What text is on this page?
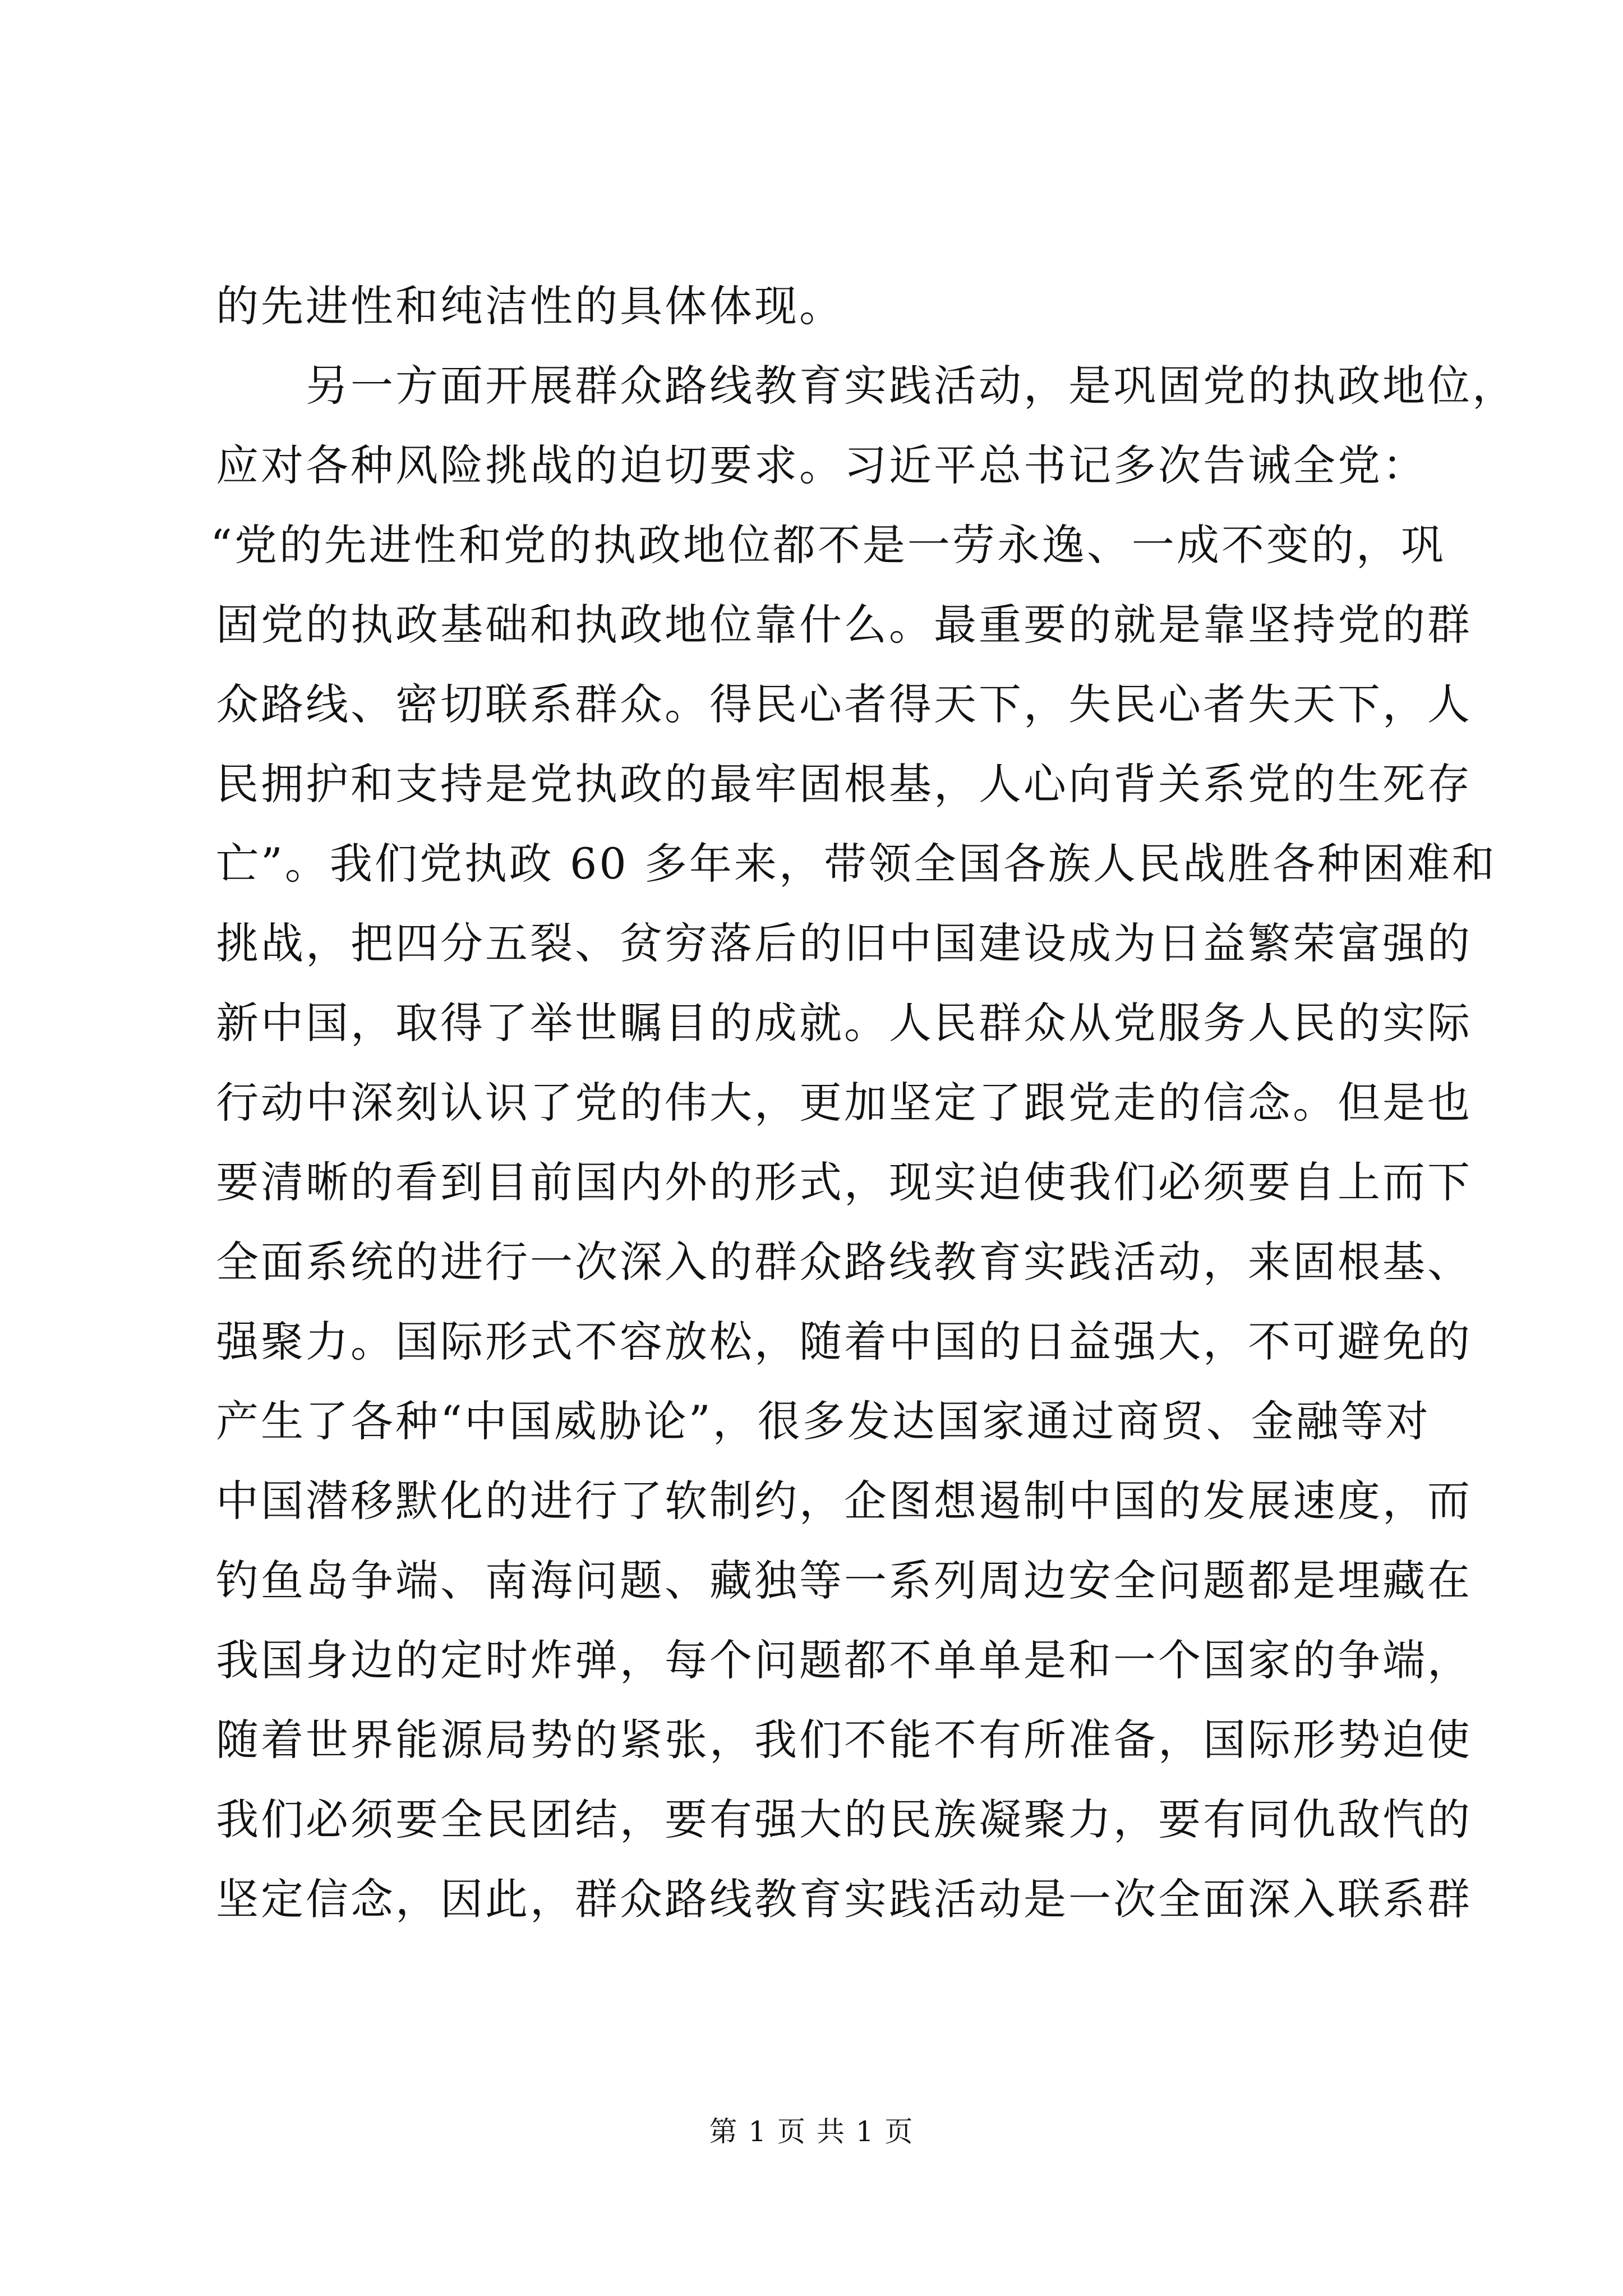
的先进性和纯洁性的具体体现。
另一方面开展群众路线教育实践活动，是巩固党的执政地位，
应对各种风险挑战的迫切要求。习近平总书记多次告诫全党：
“党的先进性和党的执政地位都不是一劳永逸、一成不变的，巩
固党的执政基础和执政地位靠什么。最重要的就是靠坚持党的群
众路线、密切联系群众。得民心者得天下，失民心者失天下，人
民拥护和支持是党执政的最牢固根基，人心向背关系党的生死存
亡”。我们党执政 60 多年来，带领全国各族人民战胜各种困难和
挑战，把四分五裂、贫穷落后的旧中国建设成为日益繁荣富强的
新中国，取得了举世瞩目的成就。人民群众从党服务人民的实际
行动中深刻认识了党的伟大，更加坚定了跟党走的信念。但是也
要清晰的看到目前国内外的形式，现实迫使我们必须要自上而下
全面系统的进行一次深入的群众路线教育实践活动，来固根基、
强聚力。国际形式不容放松，随着中国的日益强大，不可避免的
产生了各种“中国威胁论”，很多发达国家通过商贸、金融等对
中国潜移默化的进行了软制约，企图想遏制中国的发展速度，而
钓鱼岛争端、南海问题、藏独等一系列周边安全问题都是埋藏在
我国身边的定时炸弹，每个问题都不单单是和一个国家的争端，
随着世界能源局势的紧张，我们不能不有所准备，国际形势迫使
我们必须要全民团结，要有强大的民族凝聚力，要有同仇敌忾的
坚定信念，因此，群众路线教育实践活动是一次全面深入联系群
第 1 页 共 1 页
